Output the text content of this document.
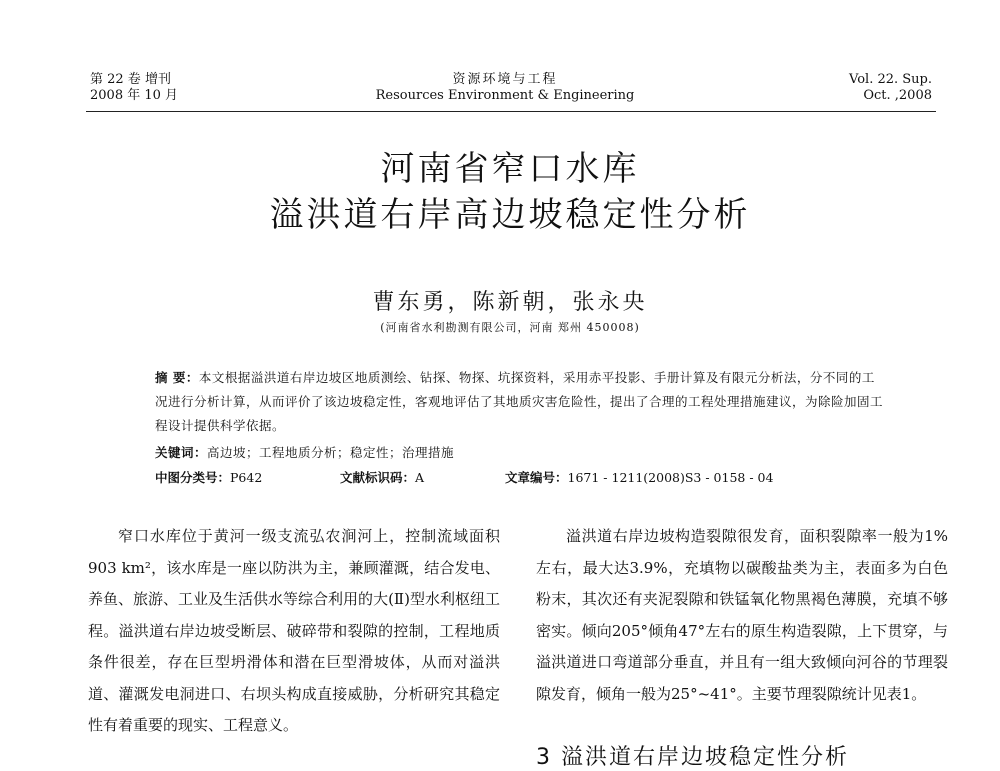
第 22 卷 增刊
2008 年 10 月
资源环境与工程
Resources Environment & Engineering
Vol. 22. Sup.
Oct. ,2008
河南省窄口水库
溢洪道右岸高边坡稳定性分析
曹东勇，陈新朝，张永央
(河南省水利勘测有限公司，河南 郑州 450008)
摘 要：本文根据溢洪道右岸边坡区地质测绘、钻探、物探、坑探资料，采用赤平投影、手册计算及有限元分析法，分不同的工况进行分析计算，从而评价了该边坡稳定性，客观地评估了其地质灾害危险性，提出了合理的工程处理措施建议，为除险加固工程设计提供科学依据。
关键词：高边坡；工程地质分析；稳定性；治理措施
中图分类号：P642	文献标识码：A	文章编号：1671 - 1211(2008)S3 - 0158 - 04

窄口水库位于黄河一级支流弘农涧河上，控制流域面积903 km²，该水库是一座以防洪为主，兼顾灌溉，结合发电、养鱼、旅游、工业及生活供水等综合利用的大(Ⅱ)型水利枢纽工程。溢洪道右岸边坡受断层、破碎带和裂隙的控制，工程地质条件很差，存在巨型坍滑体和潜在巨型滑坡体，从而对溢洪道、灌溉发电洞进口、右坝头构成直接威胁，分析研究其稳定性有着重要的现实、工程意义。

溢洪道右岸边坡构造裂隙很发育，面积裂隙率一般为1%左右，最大达3.9%，充填物以碳酸盐类为主，表面多为白色粉末，其次还有夹泥裂隙和铁锰氧化物黑褐色薄膜，充填不够密实。倾向205°倾角47°左右的原生构造裂隙，上下贯穿，与溢洪道进口弯道部分垂直，并且有一组大致倾向河谷的节理裂隙发育，倾角一般为25°~41°。主要节理裂隙统计见表1。

3 溢洪道右岸边坡稳定性分析
